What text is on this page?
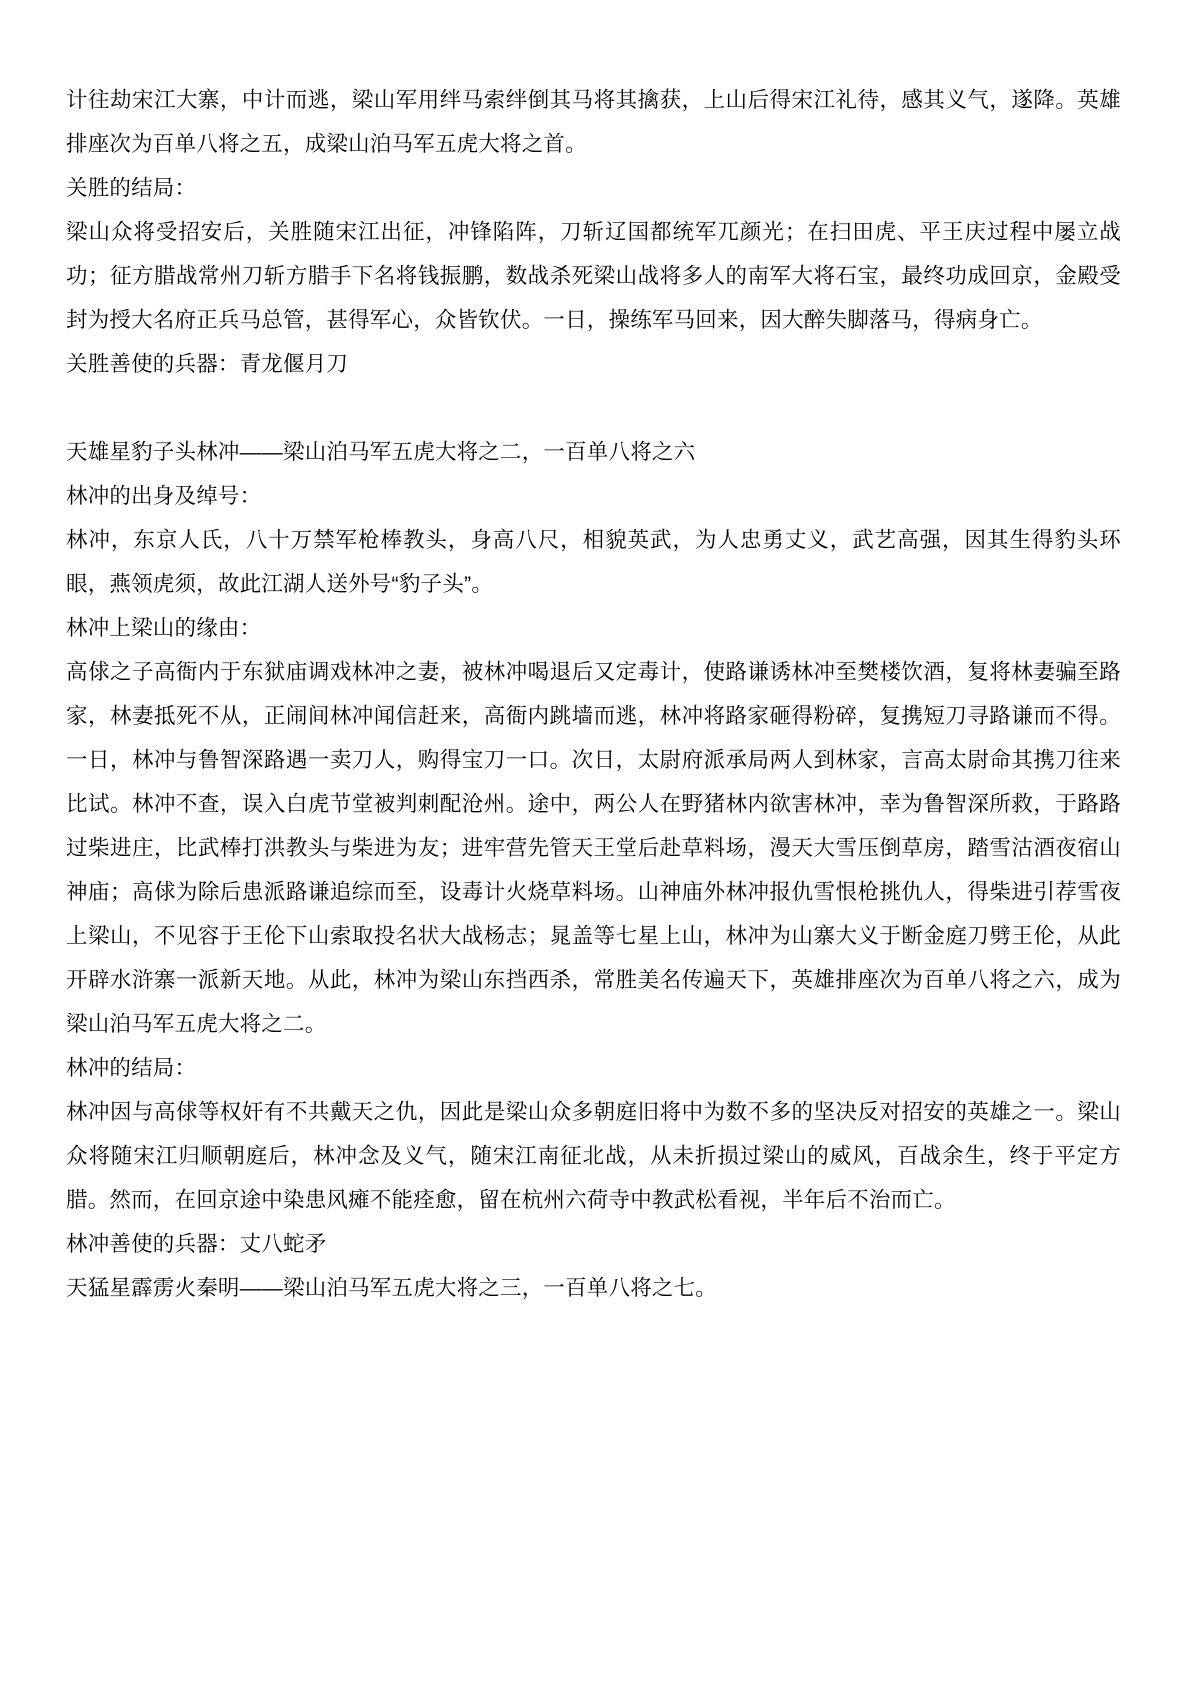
计往劫宋江大寨，中计而逃，梁山军用绊马索绊倒其马将其擒获，上山后得宋江礼待，感其义气，遂降。英雄排座次为百单八将之五，成梁山泊马军五虎大将之首。

关胜的结局：

梁山众将受招安后，关胜随宋江出征，冲锋陷阵，刀斩辽国都统军兀颜光；在扫田虎、平王庆过程中屡立战功；征方腊战常州刀斩方腊手下名将钱振鹏，数战杀死梁山战将多人的南军大将石宝，最终功成回京，金殿受封为授大名府正兵马总管，甚得军心，众皆钦伏。一日，操练军马回来，因大醉失脚落马，得病身亡。

关胜善使的兵器：青龙偃月刀

天雄星豹子头林冲——梁山泊马军五虎大将之二，一百单八将之六

林冲的出身及绰号：

林冲，东京人氏，八十万禁军枪棒教头，身高八尺，相貌英武，为人忠勇丈义，武艺高强，因其生得豹头环眼，燕领虎须，故此江湖人送外号“豹子头”。

林冲上梁山的缘由：

高俅之子高衙内于东狱庙调戏林冲之妻，被林冲喝退后又定毒计，使路谦诱林冲至樊楼饮酒，复将林妻骗至路家，林妻抵死不从，正闹间林冲闻信赶来，高衙内跳墙而逃，林冲将路家砸得粉碎，复携短刀寻路谦而不得。一日，林冲与鲁智深路遇一卖刀人，购得宝刀一口。次日，太尉府派承局两人到林家，言高太尉命其携刀往来比试。林冲不查，误入白虎节堂被判刺配沧州。途中，两公人在野猪林内欲害林冲，幸为鲁智深所救，于路路过柴进庄，比武棒打洪教头与柴进为友；进牢营先管天王堂后赴草料场，漫天大雪压倒草房，踏雪沽酒夜宿山神庙；高俅为除后患派路谦追综而至，设毒计火烧草料场。山神庙外林冲报仇雪恨枪挑仇人，得柴进引荐雪夜上梁山，不见容于王伦下山索取投名状大战杨志；晁盖等七星上山，林冲为山寨大义于断金庭刀劈王伦，从此开辟水浒寨一派新天地。从此，林冲为梁山东挡西杀，常胜美名传遍天下，英雄排座次为百单八将之六，成为梁山泊马军五虎大将之二。

林冲的结局：

林冲因与高俅等权奸有不共戴天之仇，因此是梁山众多朝庭旧将中为数不多的坚决反对招安的英雄之一。梁山众将随宋江归顺朝庭后，林冲念及义气，随宋江南征北战，从未折损过梁山的威风，百战余生，终于平定方腊。然而，在回京途中染患风瘫不能痊愈，留在杭州六荷寺中教武松看视，半年后不治而亡。

林冲善使的兵器：丈八蛇矛

天猛星霹雳火秦明——梁山泊马军五虎大将之三，一百单八将之七。
